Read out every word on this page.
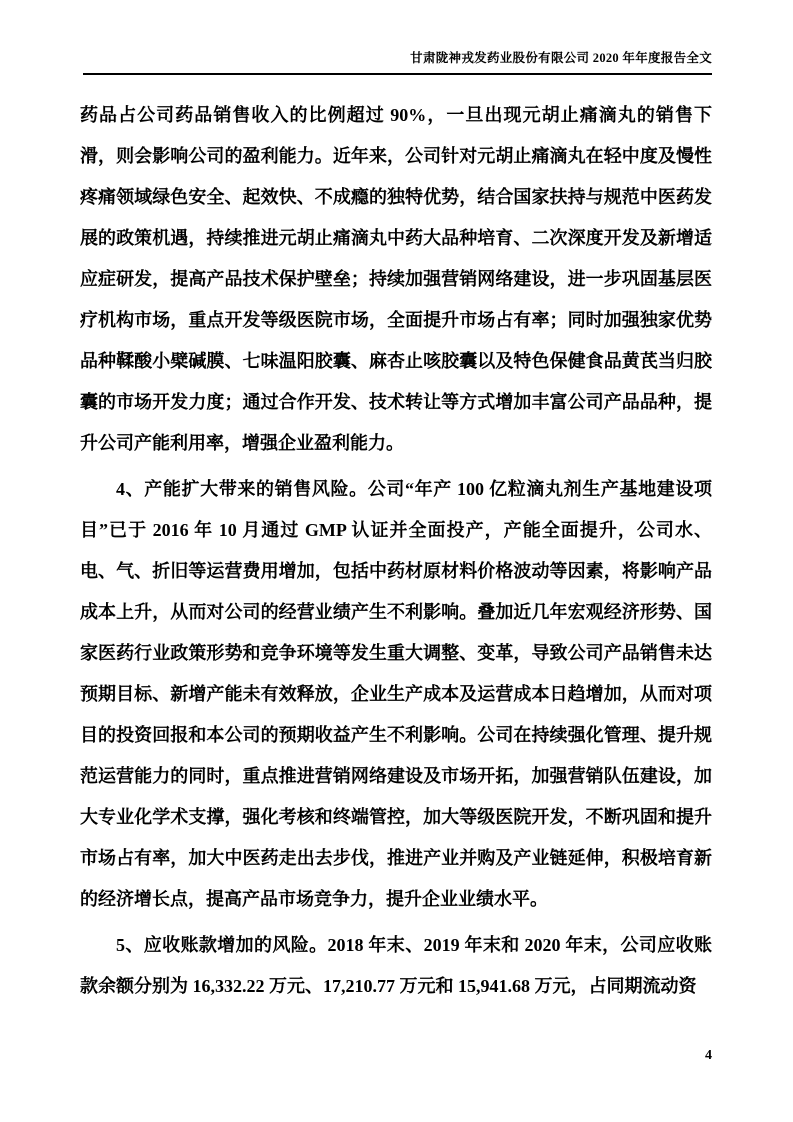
甘肃陇神戎发药业股份有限公司 2020 年年度报告全文

药品占公司药品销售收入的比例超过 90%，一旦出现元胡止痛滴丸的销售下滑，则会影响公司的盈利能力。近年来，公司针对元胡止痛滴丸在轻中度及慢性疼痛领域绿色安全、起效快、不成瘾的独特优势，结合国家扶持与规范中医药发展的政策机遇，持续推进元胡止痛滴丸中药大品种培育、二次深度开发及新增适应症研发，提高产品技术保护壁垒；持续加强营销网络建设，进一步巩固基层医疗机构市场，重点开发等级医院市场，全面提升市场占有率；同时加强独家优势品种鞣酸小檗碱膜、七味温阳胶囊、麻杏止咳胶囊以及特色保健食品黄芪当归胶囊的市场开发力度；通过合作开发、技术转让等方式增加丰富公司产品品种，提升公司产能利用率，增强企业盈利能力。

4、产能扩大带来的销售风险。公司“年产 100 亿粒滴丸剂生产基地建设项目”已于 2016 年 10 月通过 GMP 认证并全面投产，产能全面提升，公司水、电、气、折旧等运营费用增加，包括中药材原材料价格波动等因素，将影响产品成本上升，从而对公司的经营业绩产生不利影响。叠加近几年宏观经济形势、国家医药行业政策形势和竞争环境等发生重大调整、变革，导致公司产品销售未达预期目标、新增产能未有效释放，企业生产成本及运营成本日趋增加，从而对项目的投资回报和本公司的预期收益产生不利影响。公司在持续强化管理、提升规范运营能力的同时，重点推进营销网络建设及市场开拓，加强营销队伍建设，加大专业化学术支撑，强化考核和终端管控，加大等级医院开发，不断巩固和提升市场占有率，加大中医药走出去步伐，推进产业并购及产业链延伸，积极培育新的经济增长点，提高产品市场竞争力，提升企业业绩水平。

5、应收账款增加的风险。2018 年末、2019 年末和 2020 年末，公司应收账款余额分别为 16,332.22 万元、17,210.77 万元和 15,941.68 万元，占同期流动资

4
